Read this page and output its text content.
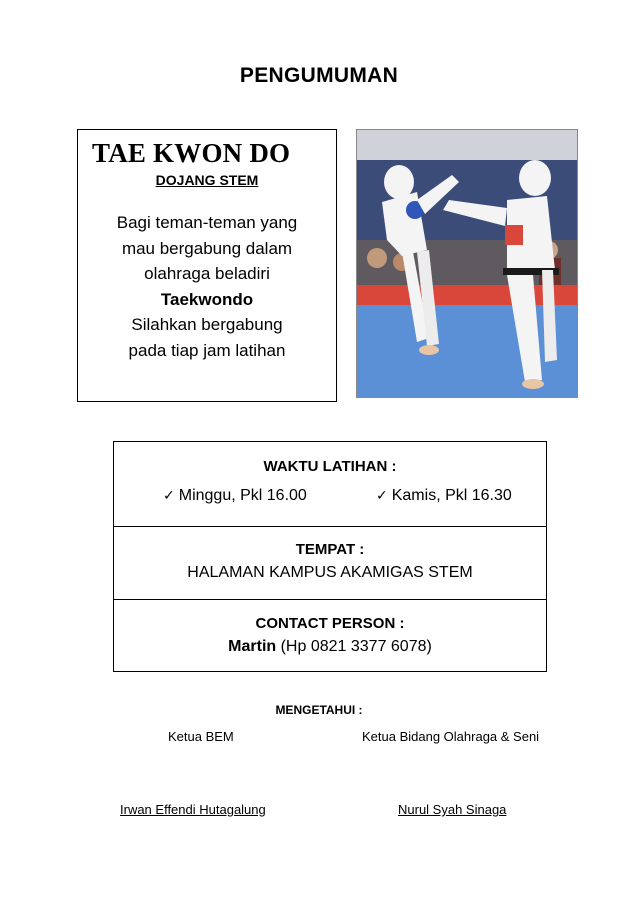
PENGUMUMAN
TAE KWON DO
DOJANG STEM
Bagi teman-teman yang
mau bergabung dalam
olahraga beladiri
Taekwondo
Silahkan bergabung
pada tiap jam latihan
WAKTU LATIHAN :
✓ Minggu, Pkl 16.00	✓ Kamis, Pkl 16.30
TEMPAT :
HALAMAN KAMPUS AKAMIGAS STEM
CONTACT PERSON :
Martin (Hp 0821 3377 6078)
MENGETAHUI :
Ketua BEM	Ketua Bidang Olahraga & Seni
Irwan Effendi Hutagalung	Nurul Syah Sinaga
